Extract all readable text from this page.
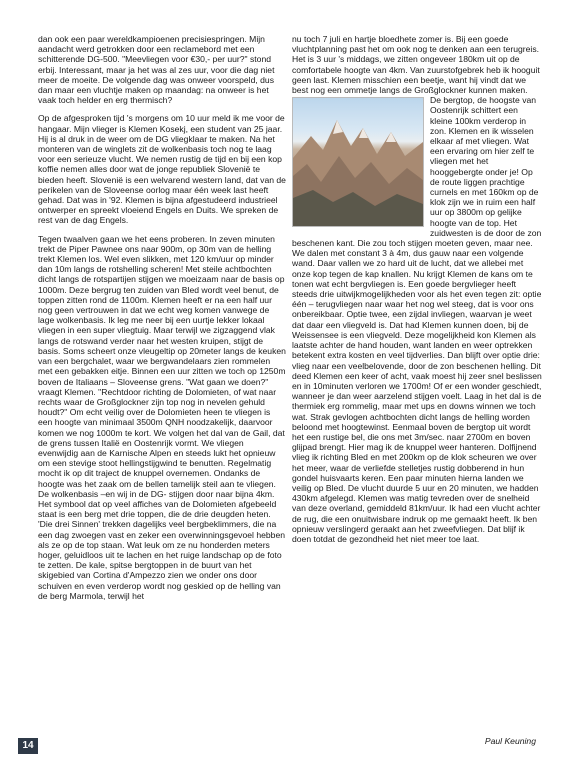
dan ook een paar wereldkampioenen precisiespringen. Mijn aandacht werd getrokken door een reclamebord met een schitterende DG-500. "Meevliegen voor €30,- per uur?" stond erbij. Interessant, maar ja het was al zes uur, voor die dag niet meer de moeite. De volgende dag was onweer voorspeld, dus dan maar een vluchtje maken op maandag: na onweer is het vaak toch helder en erg thermisch?

Op de afgesproken tijd 's morgens om 10 uur meld ik me voor de hangaar. Mijn vlieger is Klemen Kosekj, een student van 25 jaar. Hij is al druk in de weer om de DG vliegklaar te maken. Na het monteren van de winglets zit de wolkenbasis toch nog te laag voor een serieuze vlucht. We nemen rustig de tijd en bij een kop koffie nemen alles door wat de jonge republiek Slovenië te bieden heeft. Slovenië is een welvarend western land, dat van de perikelen van de Sloveense oorlog maar één week last heeft gehad. Dat was in '92. Klemen is bijna afgestudeerd industrieel ontwerper en spreekt vloeiend Engels en Duits. We spreken de rest van de dag Engels.

Tegen twaalven gaan we het eens proberen. In zeven minuten trekt de Piper Pawnee ons naar 900m, op 30m van de helling trekt Klemen los. Wel even slikken, met 120 km/uur op minder dan 10m langs de rotshelling scheren! Met steile achtbochten dicht langs de rotspartijen stijgen we moeizaam naar de basis op 1000m. Deze bergrug ten zuiden van Bled wordt veel benut, de toppen zitten rond de 1100m. Klemen heeft er na een half uur nog geen vertrouwen in dat we echt weg komen vanwege de lage wolkenbasis. Ik leg me neer bij een uurtje lekker lokaal vliegen in een super vliegtuig. Maar terwijl we zigzaggend vlak langs de rotswand verder naar het westen kruipen, stijgt de basis. Soms scheert onze vleugeltip op 20meter langs de keuken van een bergchalet, waar we bergwandelaars zien rommelen met een gebakken eitje. Binnen een uur zitten we toch op 1250m boven de Italiaans – Sloveense grens. "Wat gaan we doen?" vraagt Klemen. "Rechtdoor richting de Dolomieten, of wat naar rechts waar de Großglockner zijn top nog in nevelen gehuld houdt?" Om echt veilig over de Dolomieten heen te vliegen is een hoogte van minimaal 3500m QNH noodzakelijk, daarvoor komen we nog 1000m te kort. We volgen het dal van de Gail, dat de grens tussen Italië en Oostenrijk vormt. We vliegen evenwijdig aan de Karnische Alpen en steeds lukt het opnieuw om een stevige stoot hellingstijgwind te benutten. Regelmatig mocht ik op dit traject de knuppel overnemen. Ondanks de hoogte was het zaak om de bellen tamelijk steil aan te vliegen. De wolkenbasis –en wij in de DG- stijgen door naar bijna 4km. Het symbool dat op veel affiches van de Dolomieten afgebeeld staat is een berg met drie toppen, die de drie deugden heten. 'Die drei Sinnen' trekken dagelijks veel bergbeklimmers, die na een dag zwoegen vast en zeker een overwinningsgevoel hebben als ze op de top staan. Wat leuk om ze nu honderden meters hoger, geluidloos uit te lachen en het ruige landschap op de foto te zetten. De kale, spitse bergtoppen in de buurt van het skigebied van Cortina d'Ampezzo zien we onder ons door schuiven en even verderop wordt nog geskied op de helling van de berg Marmola, terwijl het

nu toch 7 juli en hartje bloedhete zomer is. Bij een goede vluchtplanning past het om ook nog te denken aan een terugreis. Het is 3 uur 's middags, we zitten ongeveer 180km uit op de comfortabele hoogte van 4km. Van zuurstofgebrek heb ik hooguit geen last. Klemen misschien een beetje, want hij vindt dat we best nog een ommetje langs de Großglockner kunnen maken.

De bergtop, de hoogste van Oostenrijk schittert een kleine 100km verderop in zon. Klemen en ik wisselen elkaar af met vliegen. Wat een ervaring om hier zelf te vliegen met het hooggebergte onder je! Op de route liggen prachtige curnels en met 160km op de klok zijn we in ruim een half uur op 3800m op gelijke hoogte van de top. Het zuidwesten is de door de zon beschenen kant. Die zou toch stijgen moeten geven, maar nee. We dalen met constant 3 à 4m, dus gauw naar een volgende wand. Daar vallen we zo hard uit de lucht, dat we allebei met onze kop tegen de kap knallen. Nu krijgt Klemen de kans om te tonen wat echt bergvliegen is. Een goede bergvlieger heeft steeds drie uitwijkmogelijkheden voor als het even tegen zit: optie één – terugvliegen naar waar het nog wel steeg, dat is voor ons onbereikbaar. Optie twee, een zijdal invliegen, waarvan je weet dat daar een vliegveld is. Dat had Klemen kunnen doen, bij de Weissensee is een vliegveld. Deze mogelijkheid kon Klemen als laatste achter de hand houden, want landen en weer optrekken betekent extra kosten en veel tijdverlies. Dan blijft over optie drie: vlieg naar een veelbelovende, door de zon beschenen helling. Dit deed Klemen een keer of acht, vaak moest hij zeer snel beslissen en in 10minuten verloren we 1700m! Of er een wonder geschiedt, wanneer je dan weer aarzelend stijgen voelt. Laag in het dal is de thermiek erg rommelig, maar met ups en downs winnen we toch wat. Strak gevlogen achtbochten dicht langs de helling worden beloond met hoogtewinst. Eenmaal boven de bergtop uit wordt het een rustige bel, die ons met 3m/sec. naar 2700m en boven glijpad brengt. Hier mag ik de knuppel weer hanteren. Dolfijnend vlieg ik richting Bled en met 200km op de klok scheuren we over het meer, waar de verliefde stelletjes rustig dobberend in hun gondel huisvaarts keren. Een paar minuten hierna landen we veilig op Bled. De vlucht duurde 5 uur en 20 minuten, we hadden 430km afgelegd. Klemen was matig tevreden over de snelheid van deze overland, gemiddeld 81km/uur. Ik had een vlucht achter de rug, die een onuitwisbare indruk op me gemaakt heeft. Ik ben opnieuw verslingerd geraakt aan het zweefvliegen. Dat blijf ik doen totdat de gezondheid het niet meer toe laat.

Paul Keuning
14
